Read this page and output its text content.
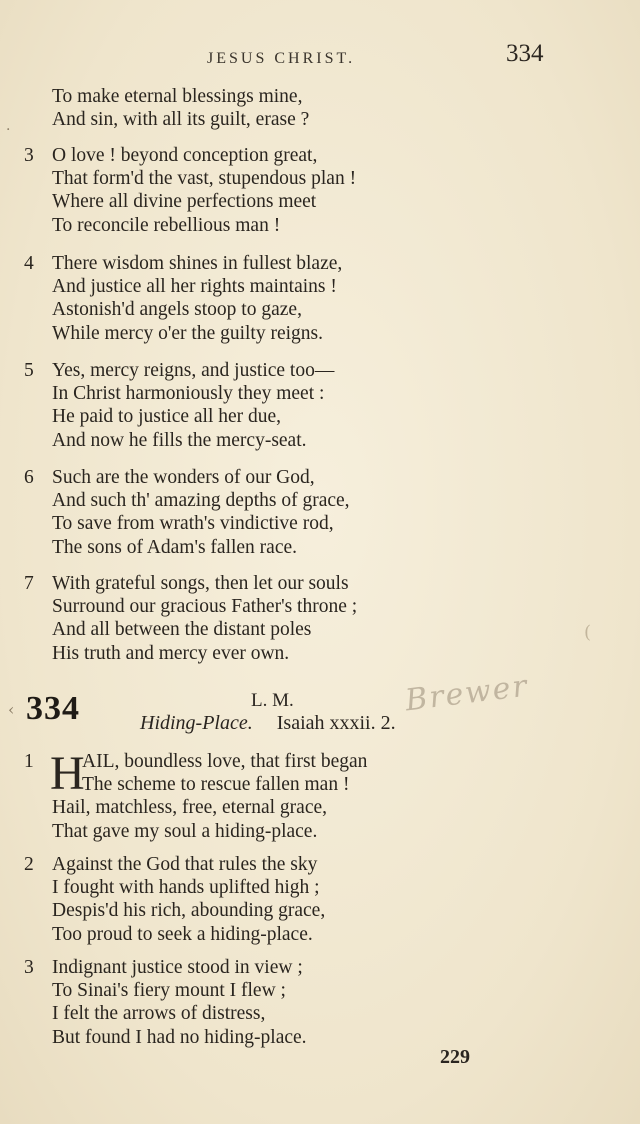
JESUS CHRIST.	334
·
To make eternal blessings mine,
And sin, with all its guilt, erase ?
3 O love ! beyond conception great,
That form'd the vast, stupendous plan !
Where all divine perfections meet
To reconcile rebellious man !
4 There wisdom shines in fullest blaze,
And justice all her rights maintains !
Astonish'd angels stoop to gaze,
While mercy o'er the guilty reigns.
5 Yes, mercy reigns, and justice too—
In Christ harmoniously they meet :
He paid to justice all her due,
And now he fills the mercy-seat.
6 Such are the wonders of our God,
And such th' amazing depths of grace,
To save from wrath's vindictive rod,
The sons of Adam's fallen race.
7 With grateful songs, then let our souls
Surround our gracious Father's throne ;
And all between the distant poles
His truth and mercy ever own.
334	L. M.
Hiding-Place. Isaiah xxxii. 2.
‹
(
Brewer
H
1	AIL, boundless love, that first began
The scheme to rescue fallen man !
Hail, matchless, free, eternal grace,
That gave my soul a hiding-place.
2 Against the God that rules the sky
I fought with hands uplifted high ;
Despis'd his rich, abounding grace,
Too proud to seek a hiding-place.
3 Indignant justice stood in view ;
To Sinai's fiery mount I flew ;
I felt the arrows of distress,
But found I had no hiding-place.
229
